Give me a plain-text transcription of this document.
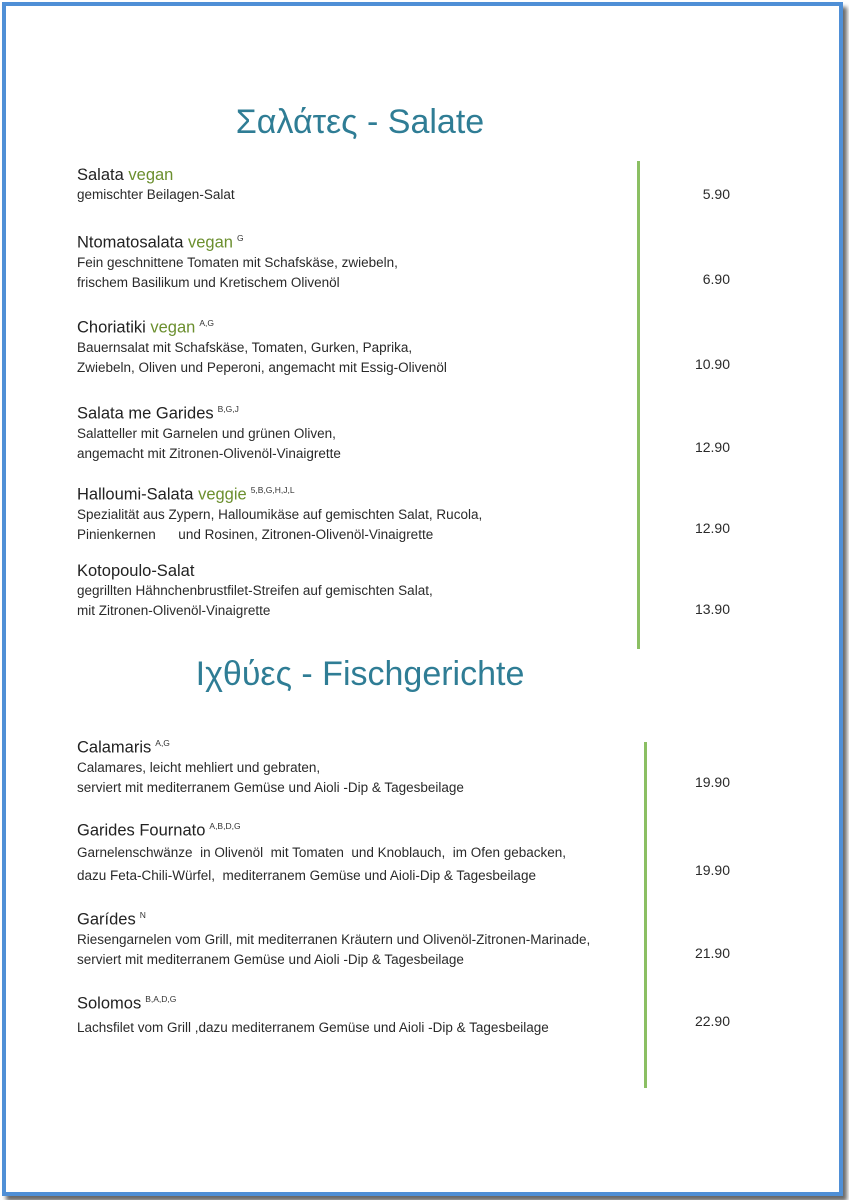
Σαλάτες - Salate
Salata vegan
gemischter Beilagen-Salat	5.90
Ntomatosalata vegan $^G$
Fein geschnittene Tomaten mit Schafskäse, zwiebeln,
frischem Basilikum und Kretischem Olivenöl	6.90
Choriatiki vegan $^{A,G}$
Bauernsalat mit Schafskäse, Tomaten, Gurken, Paprika,
Zwiebeln, Oliven und Peperoni, angemacht mit Essig-Olivenöl	10.90
Salata me Garides $^{B,G,J}$
Salatteller mit Garnelen und grünen Oliven,
angemacht mit Zitronen-Olivenöl-Vinaigrette	12.90
Halloumi-Salata veggie $^{5,B,G,H,J,L}$
Spezialität aus Zypern, Halloumikäse auf gemischten Salat, Rucola,
Pinienkernen      und Rosinen, Zitronen-Olivenöl-Vinaigrette	12.90
Kotopoulo-Salat
gegrillten Hähnchenbrustfilet-Streifen auf gemischten Salat,
mit Zitronen-Olivenöl-Vinaigrette	13.90
Ιχθύες - Fischgerichte
Calamaris $^{A,G}$
Calamares, leicht mehliert und gebraten,
serviert mit mediterranem Gemüse und Aioli -Dip & Tagesbeilage	19.90
Garides Fournato $^{A,B,D,G}$
Garnelenschwänze  in Olivenöl  mit Tomaten  und Knoblauch,  im Ofen gebacken,
dazu Feta-Chili-Würfel,  mediterranem Gemüse und Aioli-Dip & Tagesbeilage	19.90
Garídes $^N$
Riesengarnelen vom Grill, mit mediterranen Kräutern und Olivenöl-Zitronen-Marinade,
serviert mit mediterranem Gemüse und Aioli -Dip & Tagesbeilage	21.90
Solomos $^{B,A,D,G}$
Lachsfilet vom Grill ,dazu mediterranem Gemüse und Aioli -Dip & Tagesbeilage	22.90
